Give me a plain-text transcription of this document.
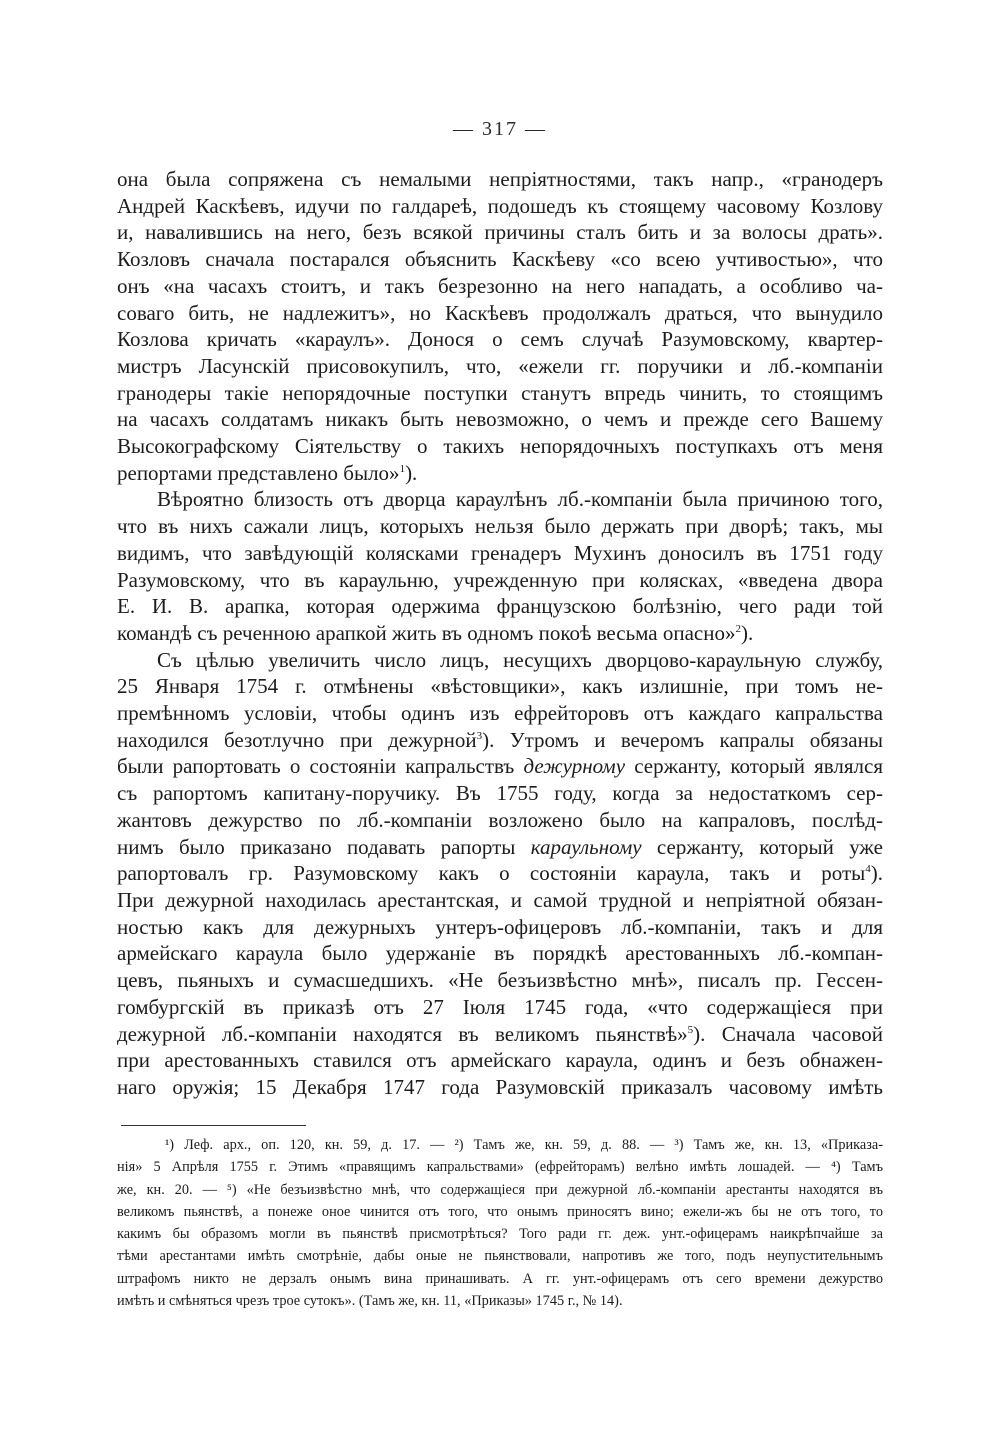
— 317 —
она была сопряжена съ немалыми непріятностями, такъ напр., «гранодеръ
Андрей Каскѣевъ, идучи по галдареѣ, подошедъ къ стоящему часовому Козлову
и, навалившись на него, безъ всякой причины сталъ бить и за волосы драть».
Козловъ сначала постарался объяснить Каскѣеву «со всею учтивостью», что
онъ «на часахъ стоитъ, и такъ безрезонно на него нападать, а особливо ча-
соваго бить, не надлежитъ», но Каскѣевъ продолжалъ драться, что вынудило
Козлова кричать «караулъ». Донося о семъ случаѣ Разумовскому, квартер-
мистръ Ласунскій присовокупилъ, что, «ежели гг. поручики и лб.-компаніи
гранодеры такіе непорядочные поступки станутъ впредь чинить, то стоящимъ
на часахъ солдатамъ никакъ быть невозможно, о чемъ и прежде сего Вашему
Высокографскому Сіятельству о такихъ непорядочныхъ поступкахъ отъ меня
репортами представлено было»$^1$).
Вѣроятно близость отъ дворца караулѣнъ лб.-компаніи была причиною того,
что въ нихъ сажали лицъ, которыхъ нельзя было держать при дворѣ; такъ, мы
видимъ, что завѣдующій колясками гренадеръ Мухинъ доносилъ въ 1751 году
Разумовскому, что въ караульню, учрежденную при колясках, «введена двора
Е. И. В. арапка, которая одержима французскою болѣзнію, чего ради той
командѣ съ реченною арапкой жить въ одномъ покоѣ весьма опасно»$^2$).
Съ цѣлью увеличить число лицъ, несущихъ дворцово-караульную службу,
25 Января 1754 г. отмѣнены «вѣстовщики», какъ излишніе, при томъ не-
премѣнномъ условіи, чтобы одинъ изъ ефрейторовъ отъ каждаго капральства
находился безотлучно при дежурной$^3$). Утромъ и вечеромъ капралы обязаны
были рапортовать о состояніи капральствъ дежурному сержанту, который являлся
съ рапортомъ капитану-поручику. Въ 1755 году, когда за недостаткомъ сер-
жантовъ дежурство по лб.-компаніи возложено было на капраловъ, послѣд-
нимъ было приказано подавать рапорты караульному сержанту, который уже
рапортовалъ гр. Разумовскому какъ о состояніи караула, такъ и роты$^4$).
При дежурной находилась арестантская, и самой трудной и непріятной обязан-
ностью какъ для дежурныхъ унтеръ-офицеровъ лб.-компаніи, такъ и для
армейскаго караула было удержаніе въ порядкѣ арестованныхъ лб.-компан-
цевъ, пьяныхъ и сумасшедшихъ. «Не безъизвѣстно мнѣ», писалъ пр. Гессен-
гомбургскій въ приказѣ отъ 27 Іюля 1745 года, «что содержащіеся при
дежурной лб.-компаніи находятся въ великомъ пьянствѣ»$^5$). Сначала часовой
при арестованныхъ ставился отъ армейскаго караула, одинъ и безъ обнажен-
наго оружія; 15 Декабря 1747 года Разумовскій приказалъ часовому имѣть
¹) Леф. арх., оп. 120, кн. 59, д. 17. — ²) Тамъ же, кн. 59, д. 88. — ³) Тамъ же, кн. 13, «Приказа-
нія» 5 Апрѣля 1755 г. Этимъ «правящимъ капральствами» (ефрейторамъ) велѣно имѣть лошадей. — ⁴) Тамъ
же, кн. 20. — ⁵) «Не безъизвѣстно мнѣ, что содержащіеся при дежурной лб.-компаніи арестанты находятся въ
великомъ пьянствѣ, а понеже оное чинится отъ того, что онымъ приносятъ вино; ежели-жъ бы не отъ того, то
какимъ бы образомъ могли въ пьянствѣ присмотрѣться? Того ради гг. деж. унт.-офицерамъ наикрѣпчайше за
тѣми арестантами имѣть смотрѣніе, дабы оные не пьянствовали, напротивъ же того, подъ неупустительнымъ
штрафомъ никто не дерзалъ онымъ вина принашивать. А гг. унт.-офицерамъ отъ сего времени дежурство
имѣть и смѣняться чрезъ трое сутокъ». (Тамъ же, кн. 11, «Приказы» 1745 г., № 14).
